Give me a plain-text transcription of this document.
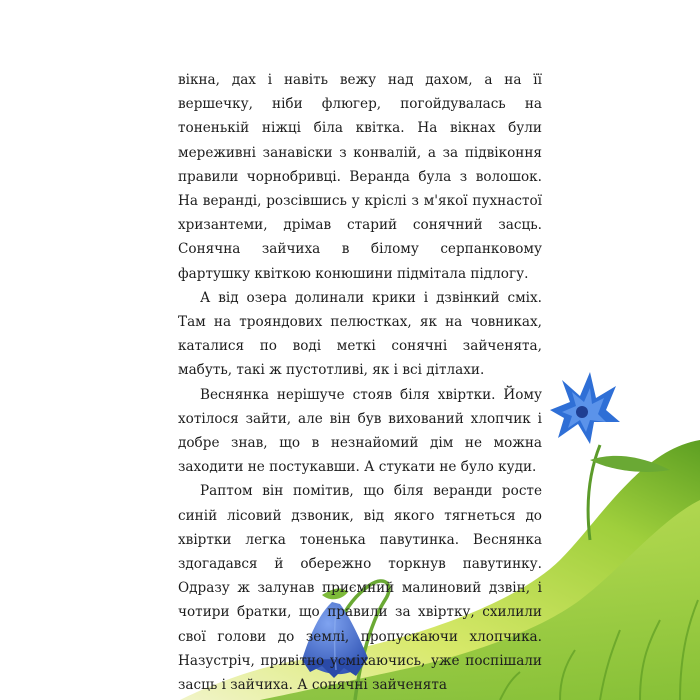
вікна, дах і навіть вежу над дахом, а на її вершечку, ніби флюгер, погойдувалась на тоненькій ніжці біла квітка. На вікнах були мереживні занавіски з конвалій, а за підвіконня правили чорнобривці. Веранда була з волошок. На веранді, розсівшись у кріслі з м'якої пухнастої хризантеми, дрімав старий сонячний засць. Сонячна зайчиха в білому серпанковому фартушку квіткою конюшини підмітала підлогу.

А від озера долинали крики і дзвінкий сміх. Там на трояндових пелюстках, як на човниках, каталися по воді меткі сонячні зайченята, мабуть, такі ж пустотливі, як і всі дітлахи.

Веснянка нерішуче стояв біля хвіртки. Йому хотілося зайти, але він був вихований хлопчик і добре знав, що в незнайомий дім не можна заходити не постукавши. А стукати не було куди.

Раптом він помітив, що біля веранди росте синій лісовий дзвоник, від якого тягнеться до хвіртки легка тоненька павутинка. Веснянка здогадався й обережно торкнув павутинку. Одразу ж залунав приємний малиновий дзвін, і чотири братки, що правили за хвіртку, схилили свої голови до землі, пропускаючи хлопчика. Назустріч, привітно усміхаючись, уже поспішали засць і зайчиха. А сонячні зайченята
